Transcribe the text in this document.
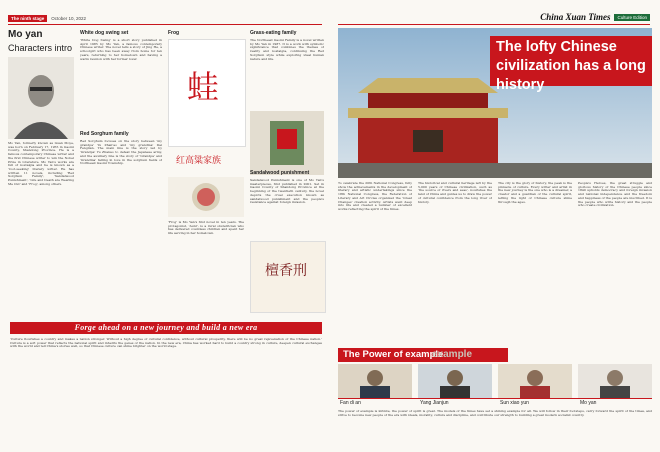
The ninth stage	October 10, 2022
Mo yan
Characters intro

Mo Yan, formerly known as Guan Moye, was born on February 17, 1955 in Gaomi County, Shandong Province. He is a famous contemporary Chinese writer and the first Chinese writer to win the Nobel Prize in Literature. Mo Yan's works are full of nostalgia and he is known as a 'root-seeking' literary writer. He has written 11 novels, including 'Red Sorghum Family', 'Sandalwood Punishment', 'Life and Death are Wearing Me Out' and 'Frog', among others.

White dog swing set

'White Dog Swing' is a short story published in April 1985 by Mo Yan, a famous contemporary Chinese writer. The novel tells a story of Jing He, a schoolgirl who has been away from home for ten years, returning to her hometown and having a warm reunion with her former lover.

Red Sorghum family

Red Sorghum focuses on the story between 'my grandpa' Yu Zhan'ao and 'my grandma' Dai Fenglian. The main line is the story led by 'Grandpa' Yu Zhanao to defeat the Japanese army, and the auxiliary line is the story of 'Grandpa' and 'Grandma' falling in love in the sorghum fields of Northeast Gaomi Township.

Frog
蛙
红高粱家族

'Frog' is Mo Yan's first novel in ten years. The protagonist, 'Aunt', is a rural obstetrician who has delivered countless children and spent her life serving in her hometown.

Grass-eating family

The Northeast Gaomi Family is a novel written by Mo Yan in 1987. It is a work with symbolic significance that combines the themes of reality and nostalgia, continuing the Red Sorghum style while exploring ideal human nature and life.

Sandalwood punishment

Sandalwood Punishment is one of Mo Yan's masterpieces, first published in 2001. Set in Gaomi County of Shandong Province at the beginning of the twentieth century, the novel depicts the cruel execution known as sandalwood punishment and the people's resistance against foreign invasion.

檀香刑
Forge ahead on a new journey and build a new era

'Culture flourishes a country and makes a nation stronger. Without a high degree of cultural confidence, without cultural prosperity, there will be no great rejuvenation of the Chinese nation.' Culture is a soft power that reflects the national spirit and inherits the genes of the nation. In the new era, China has worked hard to build a country strong in culture, deepen cultural exchanges with the world and tell China's stories well, so that Chinese culture can shine brighter on the world stage.

China Xuan Times	Culture Edition
The lofty Chinese civilization has a long history

To celebrate the 20th National Congress, fully show the achievements in the development of literary and artistic undertakings since the 18th National Congress, the Federation of Literary and Art Circles organized the 'Great Changes' creation activity. Artists went deep into life and created a number of excellent works reflecting the spirit of the times.

The historical and cultural heritage left by the 5,000 years of Chinese civilization, such as 'the source of rivers and seas', nourishes the land of China and guides us to draw the power of cultural confidence from the long river of history.

The city is the glory of history, the peak is the pinnacle of culture. Every writer and artist in the new journey is the one who is a dreamer, a creator and a guardian of the cultural spirit, letting the light of Chinese culture shine through the ages.

People's Heroes, the great struggle and glorious history of the Chinese people since 1840 upholds democracy and foreign invasion and national independence and the freedom and happiness of the people are inscribed. It is the people who write history and the people who create civilization.

The Power of example
example
Fan di an	Yang Jianjun	Sun xiao yun	Mo yan

The power of example is infinite, the power of spirit is great. The models of the times have set a shining example for all. We will follow in their footsteps, carry forward the spirit of the times, and strive to become new people of the era with ideals, morality, culture and discipline, and contribute our strength to building a great modern socialist country.
